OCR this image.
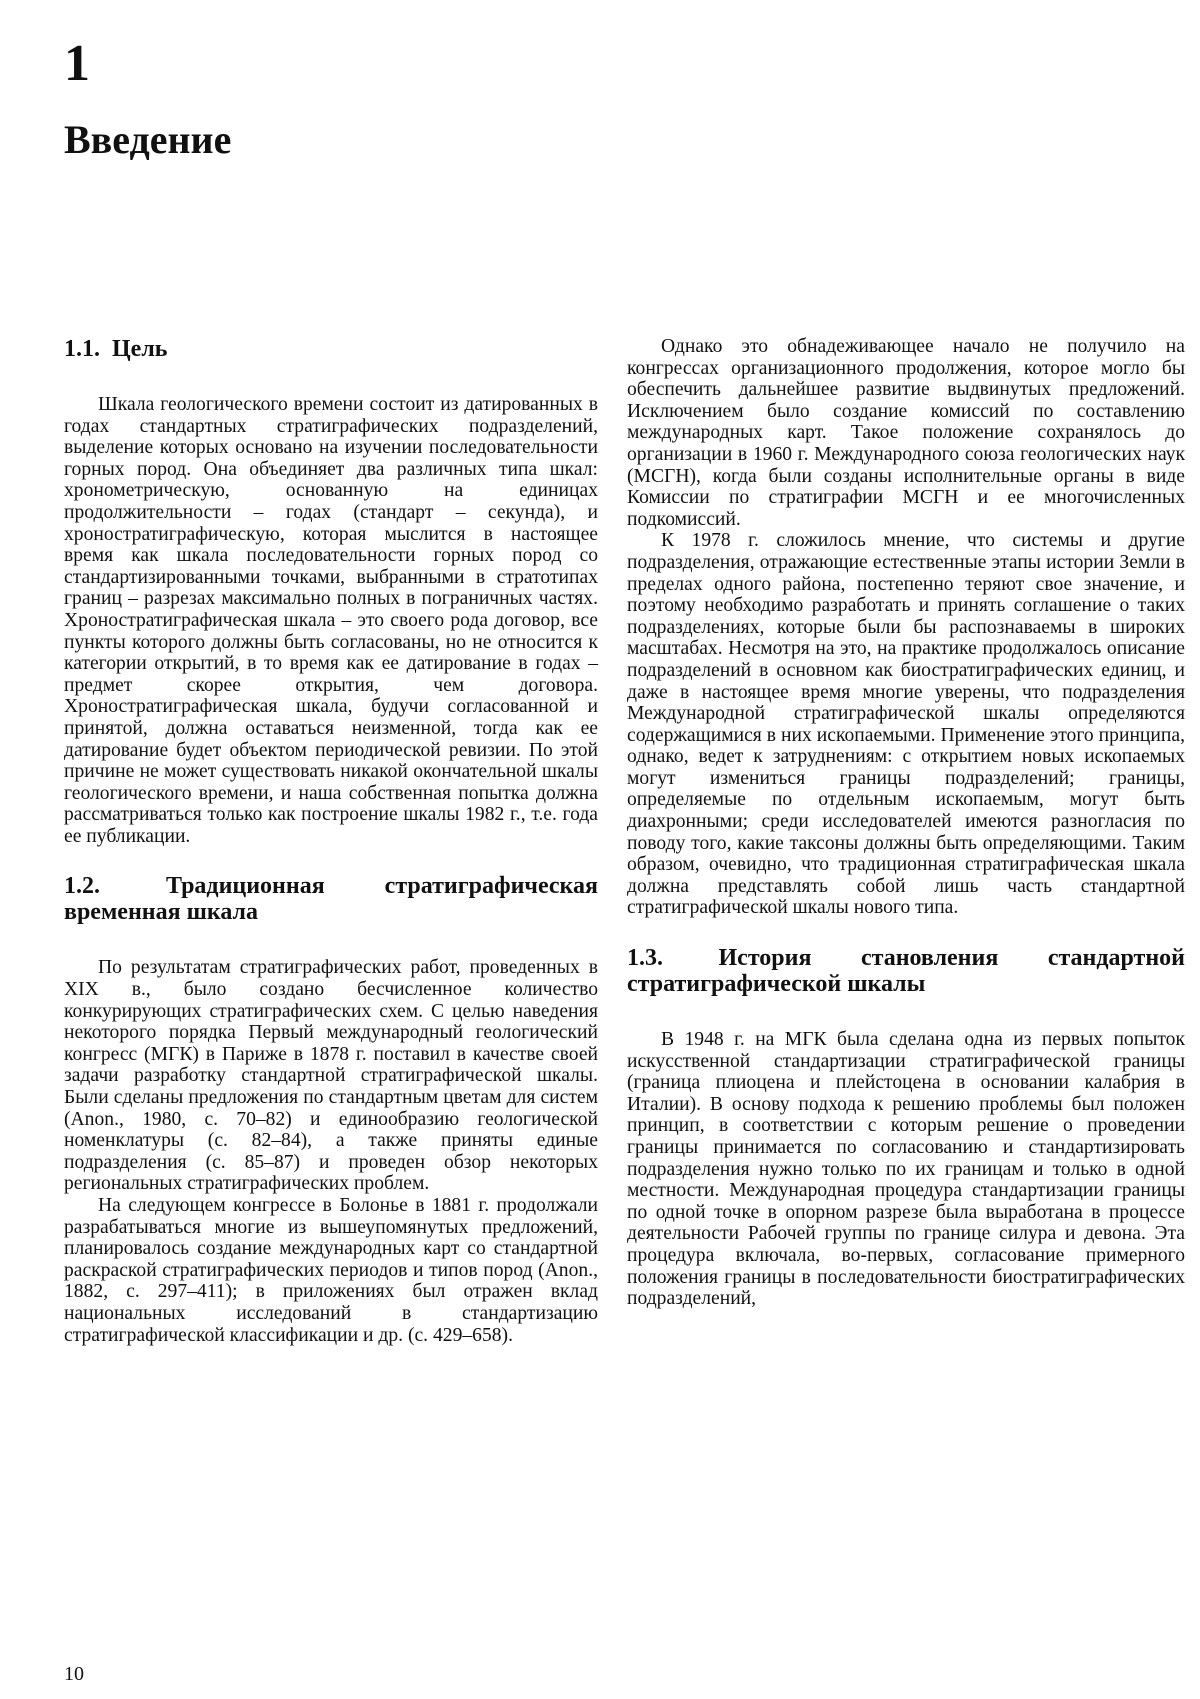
1
Введение
1.1. Цель

Шкала геологического времени состоит из датированных в годах стандартных стратиграфических подразделений, выделение которых основано на изучении последовательности горных пород. Она объединяет два различных типа шкал: хронометрическую, основанную на единицах продолжительности – годах (стандарт – секунда), и хроностратиграфическую, которая мыслится в настоящее время как шкала последовательности горных пород со стандартизированными точками, выбранными в стратотипах границ – разрезах максимально полных в пограничных частях. Хроностратиграфическая шкала – это своего рода договор, все пункты которого должны быть согласованы, но не относится к категории открытий, в то время как ее датирование в годах – предмет скорее открытия, чем договора. Хроностратиграфическая шкала, будучи согласованной и принятой, должна оставаться неизменной, тогда как ее датирование будет объектом периодической ревизии. По этой причине не может существовать никакой окончательной шкалы геологического времени, и наша собственная попытка должна рассматриваться только как построение шкалы 1982 г., т.е. года ее публикации.

1.2.	Традиционная стратиграфическая временная шкала

По результатам стратиграфических работ, проведенных в XIX в., было создано бесчисленное количество конкурирующих стратиграфических схем. С целью наведения некоторого порядка Первый международный геологический конгресс (МГК) в Париже в 1878 г. поставил в качестве своей задачи разработку стандартной стратиграфической шкалы. Были сделаны предложения по стандартным цветам для систем (Anon., 1980, с. 70–82) и единообразию геологической номенклатуры (с. 82–84), а также приняты единые подразделения (с. 85–87) и проведен обзор некоторых региональных стратиграфических проблем.

На следующем конгрессе в Болонье в 1881 г. продолжали разрабатываться многие из вышеупомянутых предложений, планировалось создание международных карт со стандартной раскраской стратиграфических периодов и типов пород (Anon., 1882, с. 297–411); в приложениях был отражен вклад национальных исследований в стандартизацию стратиграфической классификации и др. (с. 429–658).

Однако это обнадеживающее начало не получило на конгрессах организационного продолжения, которое могло бы обеспечить дальнейшее развитие выдвинутых предложений. Исключением было создание комиссий по составлению международных карт. Такое положение сохранялось до организации в 1960 г. Международного союза геологических наук (МСГН), когда были созданы исполнительные органы в виде Комиссии по стратиграфии МСГН и ее многочисленных подкомиссий.

К 1978 г. сложилось мнение, что системы и другие подразделения, отражающие естественные этапы истории Земли в пределах одного района, постепенно теряют свое значение, и поэтому необходимо разработать и принять соглашение о таких подразделениях, которые были бы распознаваемы в широких масштабах. Несмотря на это, на практике продолжалось описание подразделений в основном как биостратиграфических единиц, и даже в настоящее время многие уверены, что подразделения Международной стратиграфической шкалы определяются содержащимися в них ископаемыми. Применение этого принципа, однако, ведет к затруднениям: с открытием новых ископаемых могут измениться границы подразделений; границы, определяемые по отдельным ископаемым, могут быть диахронными; среди исследователей имеются разногласия по поводу того, какие таксоны должны быть определяющими. Таким образом, очевидно, что традиционная стратиграфическая шкала должна представлять собой лишь часть стандартной стратиграфической шкалы нового типа.

1.3. История становления стандартной стратиграфической шкалы

В 1948 г. на МГК была сделана одна из первых попыток искусственной стандартизации стратиграфической границы (граница плиоцена и плейстоцена в основании калабрия в Италии). В основу подхода к решению проблемы был положен принцип, в соответствии с которым решение о проведении границы принимается по согласованию и стандартизировать подразделения нужно только по их границам и только в одной местности. Международная процедура стандартизации границы по одной точке в опорном разрезе была выработана в процессе деятельности Рабочей группы по границе силура и девона. Эта процедура включала, во-первых, согласование примерного положения границы в последовательности биостратиграфических подразделений,

10
